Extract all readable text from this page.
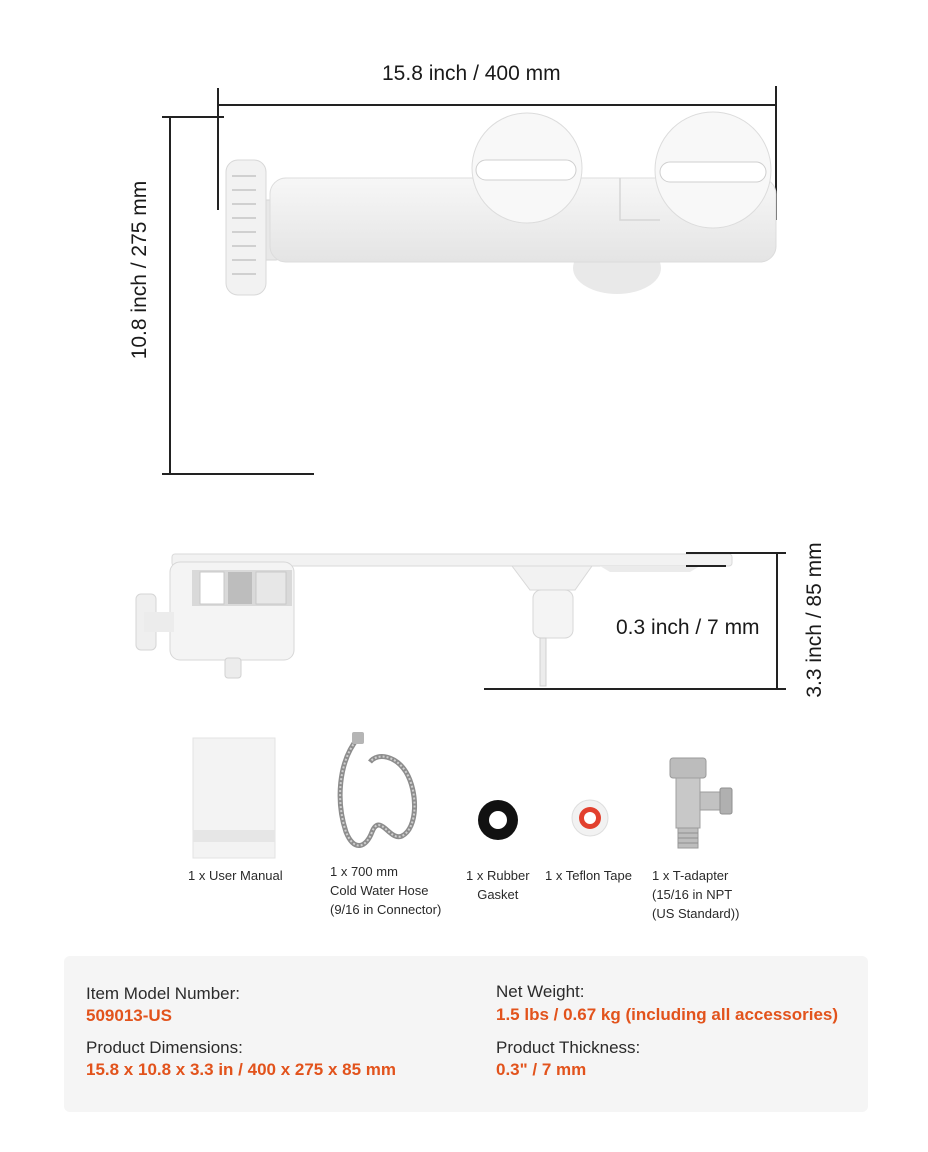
15.8 inch / 400 mm
10.8 inch / 275 mm
0.3 inch / 7 mm 3.3 inch / 85 mm
1 x User Manual	1 x 700 mm
Cold Water Hose
(9/16 in Connector)
1 x Rubber
Gasket
1 x Teflon Tape 1 x T-adapter
(15/16 in NPT
(US Standard))
Item Model Number:
509013-US
Product Dimensions:
15.8 x 10.8 x 3.3 in / 400 x 275 x 85 mm
Net Weight:
1.5 lbs / 0.67 kg (including all accessories)
Product Thickness:
0.3" / 7 mm
